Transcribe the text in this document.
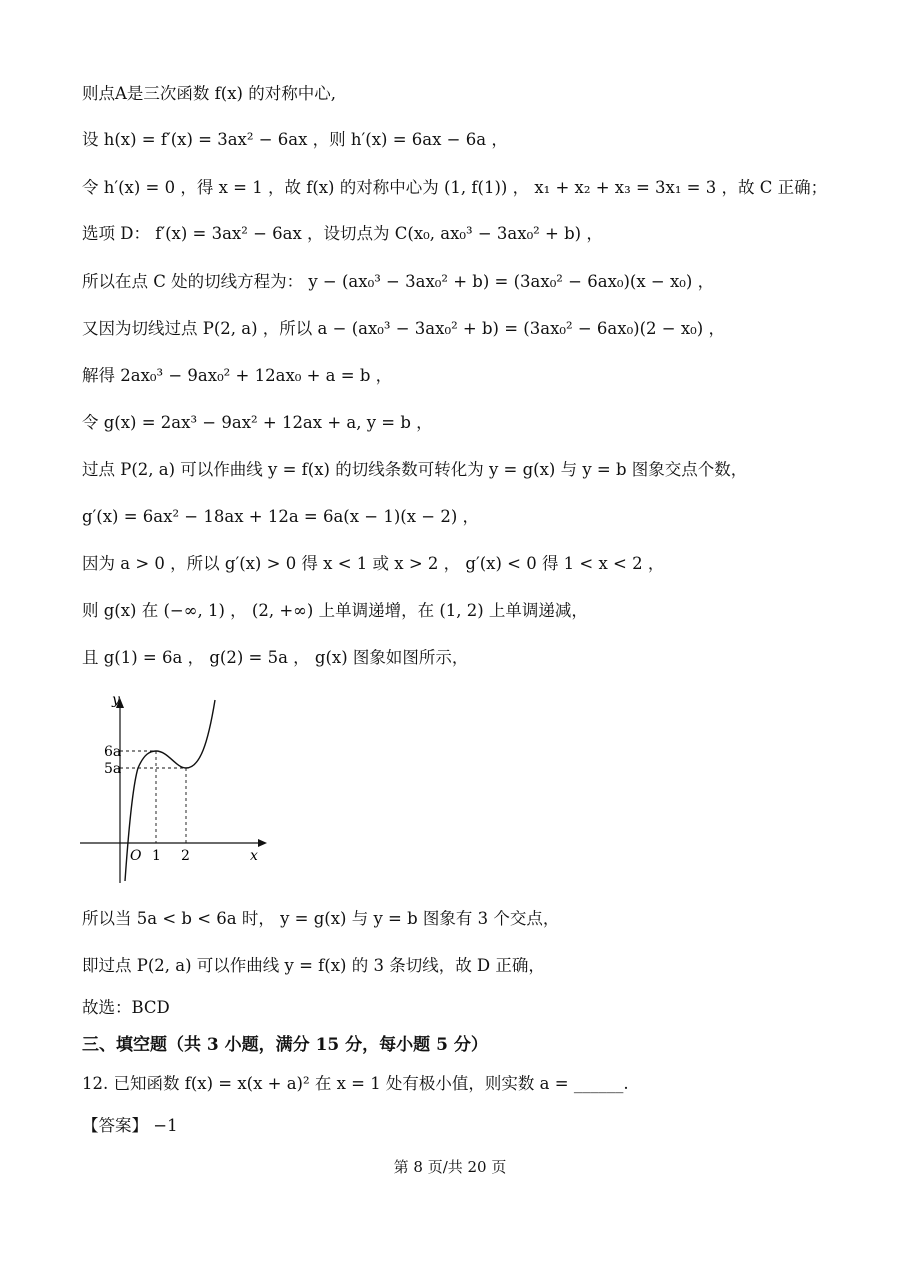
则点A是三次函数 f(x) 的对称中心,
设 h(x) = f′(x) = 3ax² − 6ax ，则 h′(x) = 6ax − 6a ，
令 h′(x) = 0 ，得 x = 1 ，故 f(x) 的对称中心为 (1, f(1)) ， x₁ + x₂ + x₃ = 3x₁ = 3 ，故 C 正确；
选项 D： f′(x) = 3ax² − 6ax ，设切点为 C(x₀, ax₀³ − 3ax₀² + b) ，
所以在点 C 处的切线方程为： y − (ax₀³ − 3ax₀² + b) = (3ax₀² − 6ax₀)(x − x₀) ，
又因为切线过点 P(2, a) ，所以 a − (ax₀³ − 3ax₀² + b) = (3ax₀² − 6ax₀)(2 − x₀) ，
解得 2ax₀³ − 9ax₀² + 12ax₀ + a = b ，
令 g(x) = 2ax³ − 9ax² + 12ax + a, y = b ，
过点 P(2, a) 可以作曲线 y = f(x) 的切线条数可转化为 y = g(x) 与 y = b 图象交点个数，
g′(x) = 6ax² − 18ax + 12a = 6a(x − 1)(x − 2) ，
因为 a > 0 ，所以 g′(x) > 0 得 x < 1 或 x > 2 ， g′(x) < 0 得 1 < x < 2 ，
则 g(x) 在 (−∞, 1) ， (2, +∞) 上单调递增，在 (1, 2) 上单调递减，
且 g(1) = 6a ， g(2) = 5a ， g(x) 图象如图所示，
y
x
O 1 2
6a
5a
所以当 5a < b < 6a 时， y = g(x) 与 y = b 图象有 3 个交点，
即过点 P(2, a) 可以作曲线 y = f(x) 的 3 条切线，故 D 正确，
故选：BCD
三、填空题（共 3 小题，满分 15 分，每小题 5 分）
12. 已知函数 f(x) = x(x + a)² 在 x = 1 处有极小值，则实数 a = ______.
【答案】 −1
第 8 页/共 20 页
